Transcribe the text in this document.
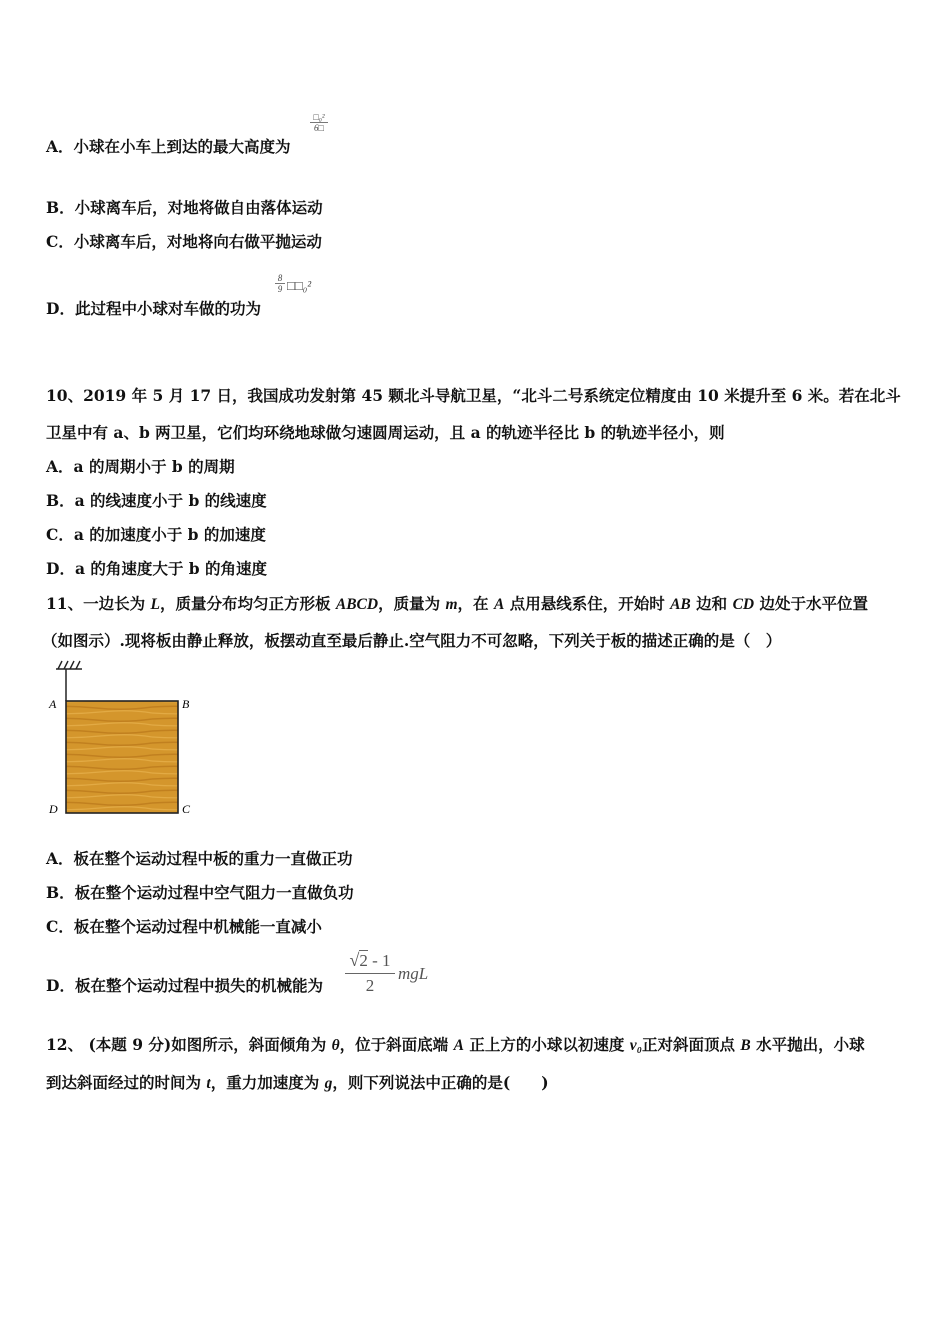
A．小球在小车上到达的最大高度为
□₀²
6□
B．小球离车后，对地将做自由落体运动
C．小球离车后，对地将向右做平抛运动
D．此过程中小球对车做的功为
$\frac{8}{9}$ □□₀²
10、2019 年 5 月 17 日，我国成功发射第 45 颗北斗导航卫星，“北斗二号系统定位精度由 10 米提升至 6 米。若在北斗
卫星中有 a、b 两卫星，它们均环绕地球做匀速圆周运动，且 a 的轨迹半径比 b 的轨迹半径小，则
A．a 的周期小于 b 的周期
B．a 的线速度小于 b 的线速度
C．a 的加速度小于 b 的加速度
D．a 的角速度大于 b 的角速度
11、一边长为 L，质量分布均匀正方形板 ABCD，质量为 m，在 A 点用悬线系住，开始时 AB 边和 CD 边处于水平位置
（如图示）.现将板由静止释放，板摆动直至最后静止.空气阻力不可忽略，下列关于板的描述正确的是（　）
A	B
D	C
A．板在整个运动过程中板的重力一直做正功
B．板在整个运动过程中空气阻力一直做负功
C．板在整个运动过程中机械能一直减小
D．板在整个运动过程中损失的机械能为 $\frac{√2 - 1}{2}$ mgL
12、 (本题 9 分)如图所示，斜面倾角为 θ，位于斜面底端 A 正上方的小球以初速度 v₀正对斜面顶点 B 水平抛出，小球
到达斜面经过的时间为 t，重力加速度为 g，则下列说法中正确的是(　　)
